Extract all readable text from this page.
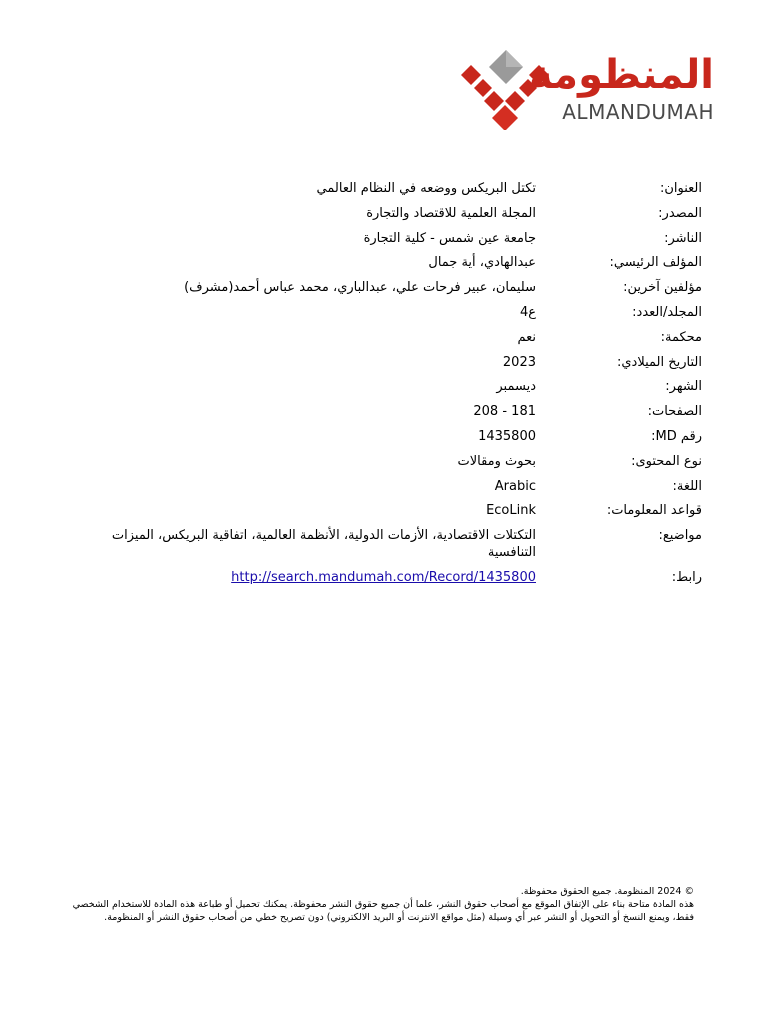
المنظومة
ALMANDUMAH
العنوان:
تكتل البريكس ووضعه في النظام العالمي
المصدر:
المجلة العلمية للاقتصاد والتجارة
الناشر:
جامعة عين شمس - كلية التجارة
المؤلف الرئيسي:
عبدالهادي، أية جمال
مؤلفين آخرين:
سليمان، عبير فرحات علي، عبدالباري، محمد عباس أحمد(مشرف)
المجلد/العدد:
ع4
محكمة:
نعم
التاريخ الميلادي:
2023
الشهر:
ديسمبر
الصفحات:
181 - 208
رقم MD:
1435800
نوع المحتوى:
بحوث ومقالات
اللغة:
Arabic
قواعد المعلومات:
EcoLink
مواضيع:
التكتلات الاقتصادية، الأزمات الدولية، الأنظمة العالمية، اتفاقية البريكس، الميزات التنافسية
رابط:
http://search.mandumah.com/Record/1435800

© 2024 المنظومة. جميع الحقوق محفوظة.

هذه المادة متاحة بناء على الإتفاق الموقع مع أصحاب حقوق النشر، علما أن جميع حقوق النشر محفوظة. يمكنك تحميل أو طباعة هذه المادة للاستخدام الشخصي فقط، ويمنع النسخ أو التحويل أو النشر عبر أي وسيلة (مثل مواقع الانترنت أو البريد الالكتروني) دون تصريح خطي من أصحاب حقوق النشر أو المنظومة.
